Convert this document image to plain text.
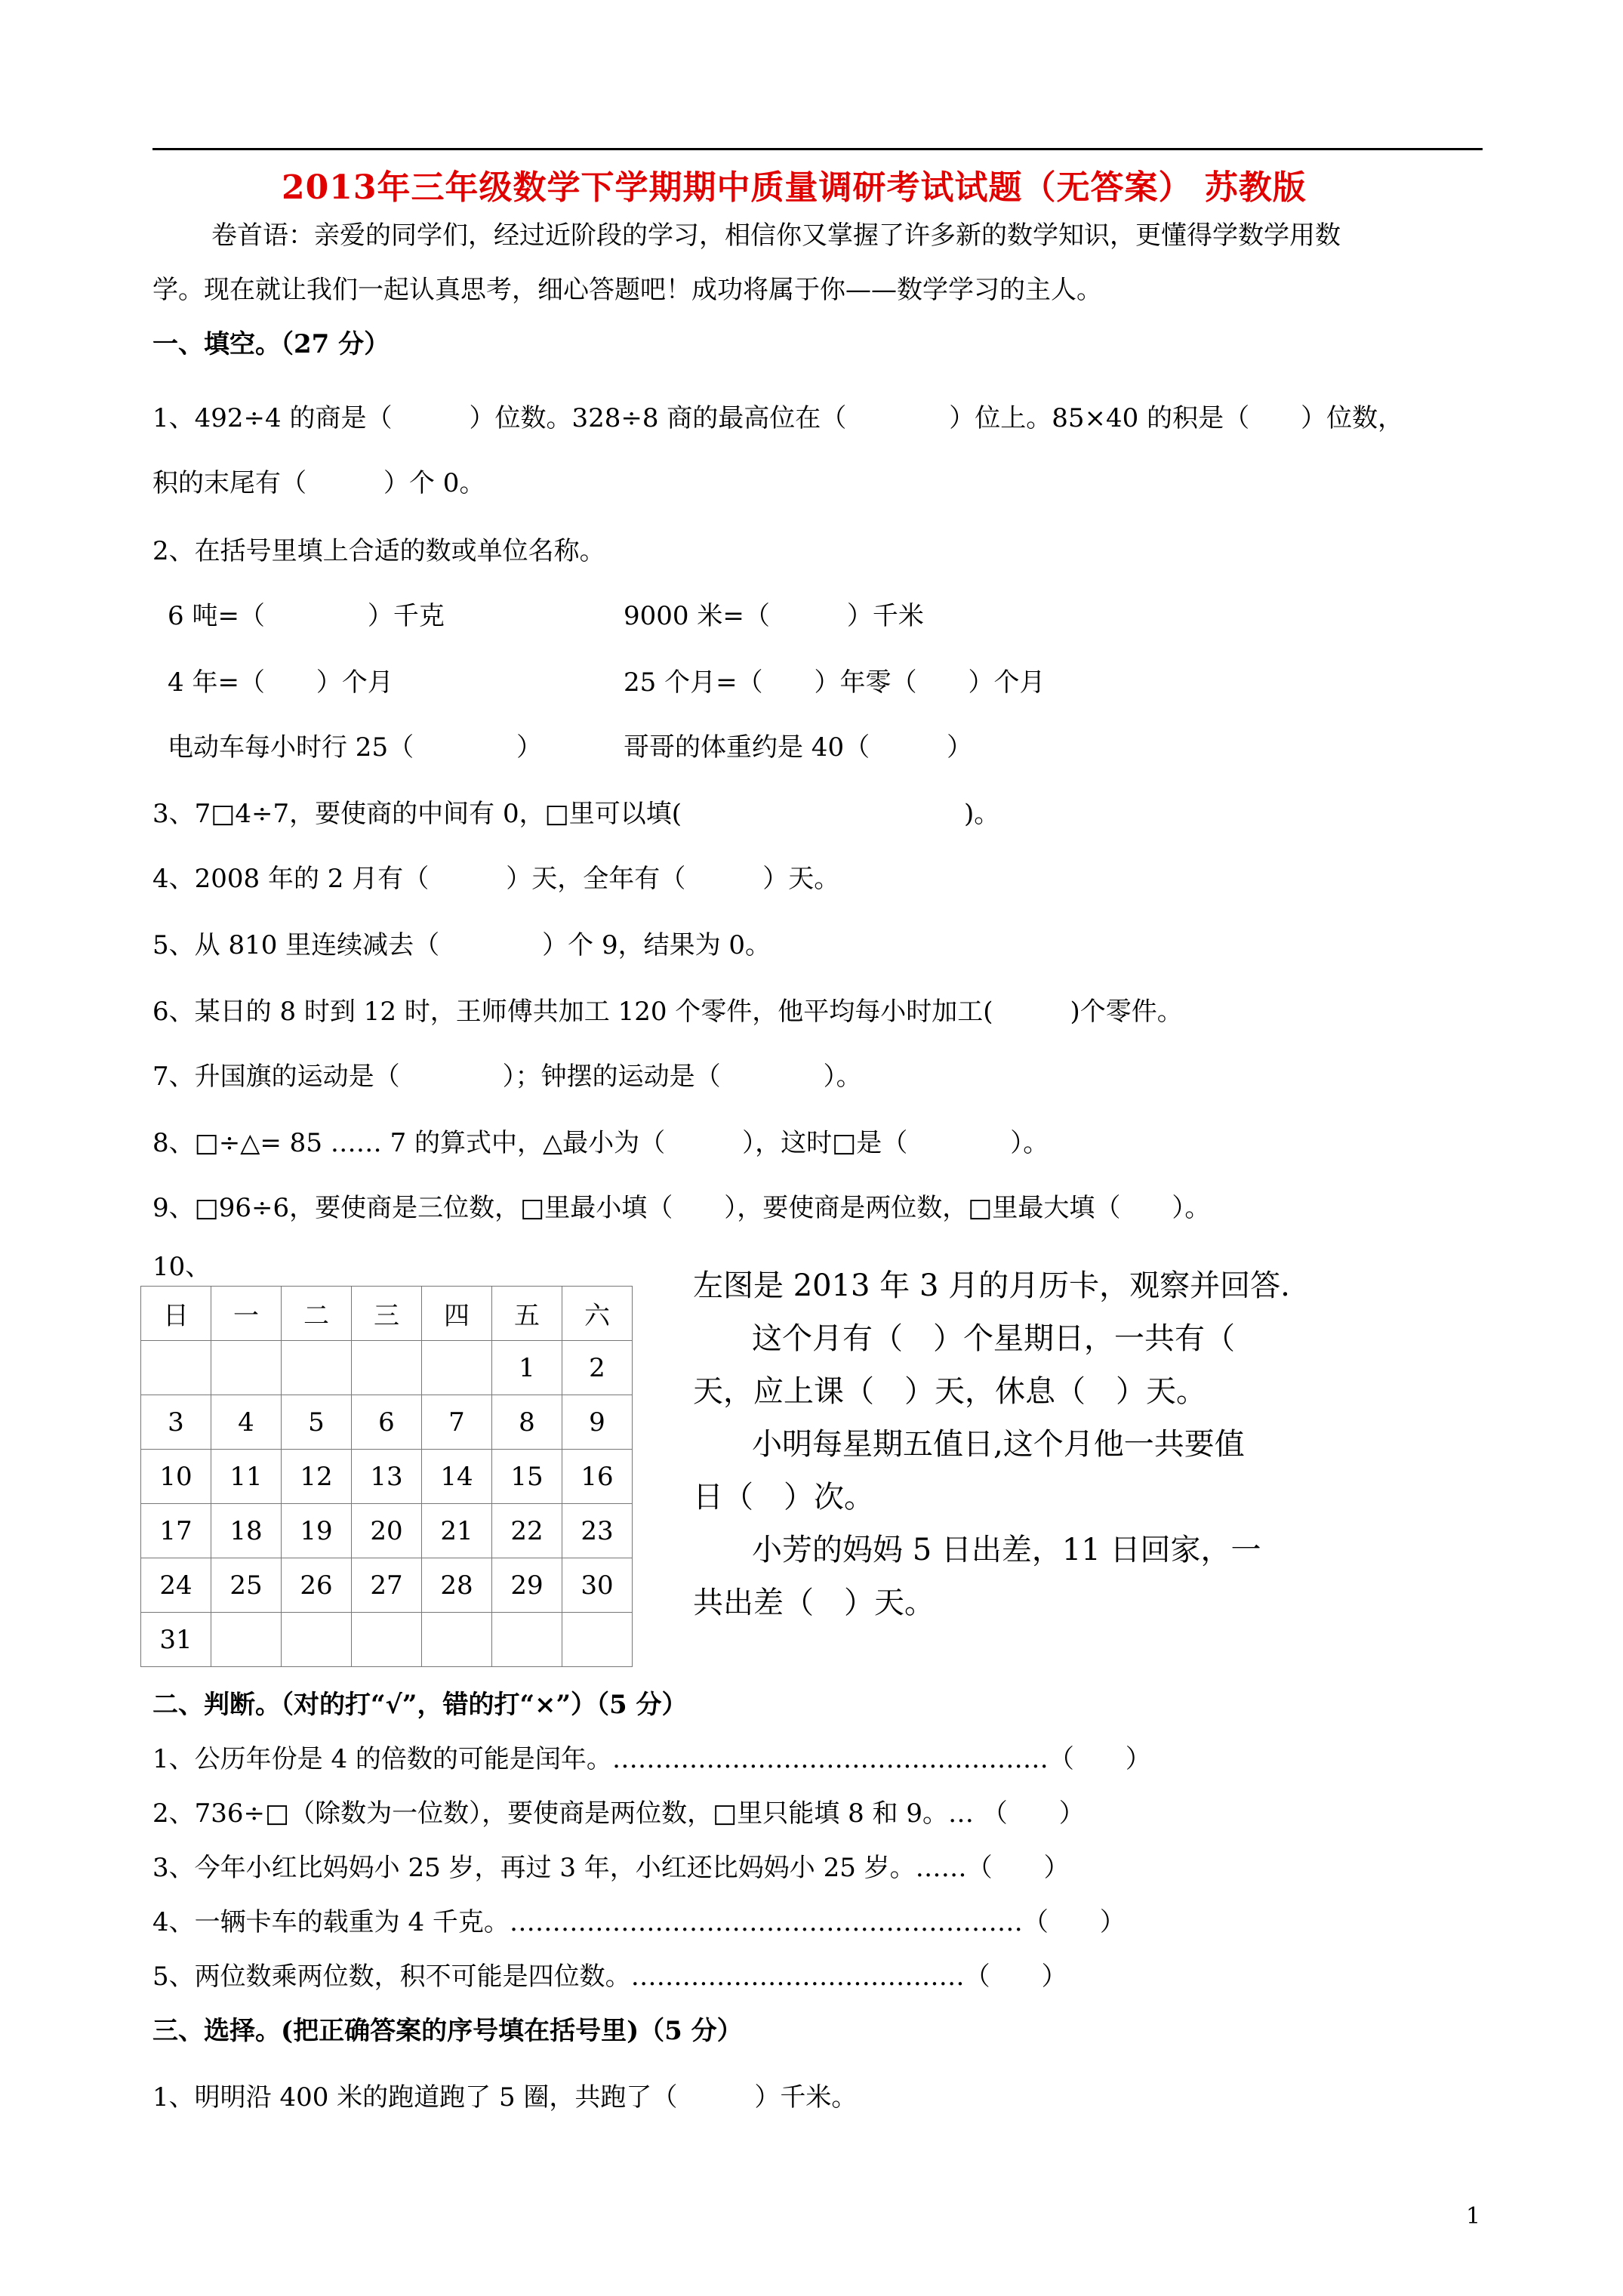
2013年三年级数学下学期期中质量调研考试试题（无答案） 苏教版
卷首语：亲爱的同学们，经过近阶段的学习，相信你又掌握了许多新的数学知识，更懂得学数学用数
学。现在就让我们一起认真思考，细心答题吧！成功将属于你——数学学习的主人。
一、填空。（27 分）
1、492÷4 的商是（　　　）位数。328÷8 商的最高位在（　　　　）位上。85×40 的积是（　　）位数，
积的末尾有（　　　）个 0。
2、在括号里填上合适的数或单位名称。
6 吨=（　　　　）千克	9000 米=（　　　）千米
4 年=（　　）个月	25 个月=（　　）年零（　　）个月
电动车每小时行 25（　　　　）	哥哥的体重约是 40（　　　）
3、7□4÷7，要使商的中间有 0，□里可以填(　　　　　　　　　　　)。
4、2008 年的 2 月有（　　　）天，全年有（　　　）天。
5、从 810 里连续减去（　　　　）个 9，结果为 0。
6、某日的 8 时到 12 时，王师傅共加工 120 个零件，他平均每小时加工(　　　)个零件。
7、升国旗的运动是（　　　　）；钟摆的运动是（　　　　）。
8、□÷△= 85 …… 7 的算式中，△最小为（　　　），这时□是（　　　　）。
9、□96÷6，要使商是三位数，□里最小填（　　），要使商是两位数，□里最大填（　　）。
10、
日	一	二	三	四	五	六
					1	2
3	4	5	6	7	8	9
10	11	12	13	14	15	16
17	18	19	20	21	22	23
24	25	26	27	28	29	30
31						
左图是 2013 年 3 月的月历卡，观察并回答.
这个月有（　）个星期日，一共有（
天，应上课（　）天，休息（　）天。
小明每星期五值日,这个月他一共要值
日（　）次。
小芳的妈妈 5 日出差，11 日回家，一
共出差（　）天。
二、判断。（对的打“√”，错的打“×”）（5 分）
1、公历年份是 4 的倍数的可能是闰年。……………………………………………（　　）
2、736÷□（除数为一位数），要使商是两位数，□里只能填 8 和 9。… （　　）
3、今年小红比妈妈小 25 岁，再过 3 年，小红还比妈妈小 25 岁。……（　　）
4、一辆卡车的载重为 4 千克。……………………………………………………（　　）
5、两位数乘两位数，积不可能是四位数。…………………………………（　　）
三、选择。(把正确答案的序号填在括号里)（5 分）
1、明明沿 400 米的跑道跑了 5 圈，共跑了（　　　）千米。
1
